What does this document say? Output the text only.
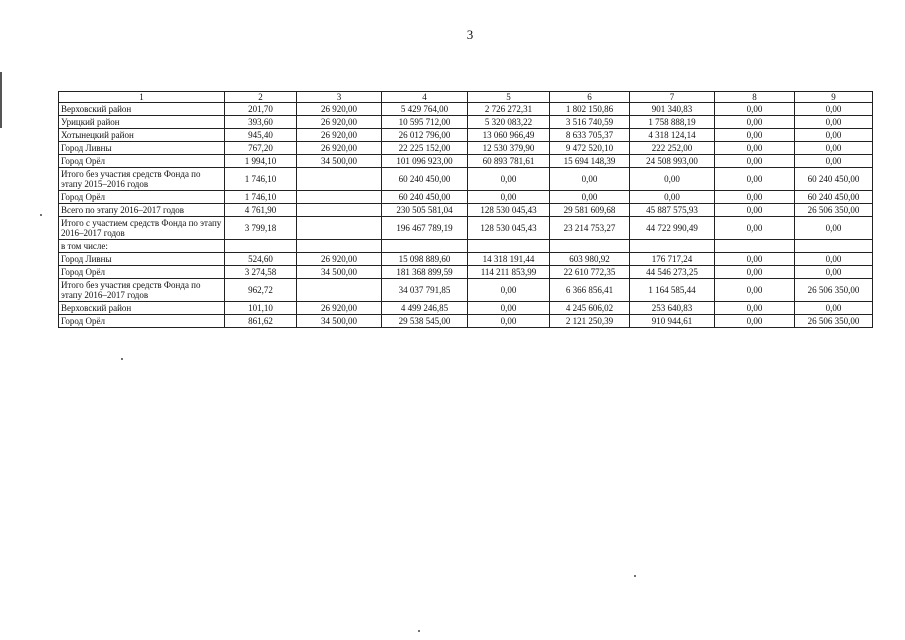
3
1	2	3	4	5	6	7	8	9
Верховский район	201,70	26 920,00	5 429 764,00	2 726 272,31	1 802 150,86	901 340,83	0,00	0,00
Урицкий район	393,60	26 920,00	10 595 712,00	5 320 083,22	3 516 740,59	1 758 888,19	0,00	0,00
Хотынецкий район	945,40	26 920,00	26 012 796,00	13 060 966,49	8 633 705,37	4 318 124,14	0,00	0,00
Город Ливны	767,20	26 920,00	22 225 152,00	12 530 379,90	9 472 520,10	222 252,00	0,00	0,00
Город Орёл	1 994,10	34 500,00	101 096 923,00	60 893 781,61	15 694 148,39	24 508 993,00	0,00	0,00
Итого без участия средств Фонда по этапу 2015–2016 годов	1 746,10		60 240 450,00	0,00	0,00	0,00	0,00	60 240 450,00
Город Орёл	1 746,10		60 240 450,00	0,00	0,00	0,00	0,00	60 240 450,00
Всего по этапу 2016–2017 годов	4 761,90		230 505 581,04	128 530 045,43	29 581 609,68	45 887 575,93	0,00	26 506 350,00
Итого с участием средств Фонда по этапу 2016–2017 годов	3 799,18		196 467 789,19	128 530 045,43	23 214 753,27	44 722 990,49	0,00	0,00
в том числе:								
Город Ливны	524,60	26 920,00	15 098 889,60	14 318 191,44	603 980,92	176 717,24	0,00	0,00
Город Орёл	3 274,58	34 500,00	181 368 899,59	114 211 853,99	22 610 772,35	44 546 273,25	0,00	0,00
Итого без участия средств Фонда по этапу 2016–2017 годов	962,72		34 037 791,85	0,00	6 366 856,41	1 164 585,44	0,00	26 506 350,00
Верховский район	101,10	26 920,00	4 499 246,85	0,00	4 245 606,02	253 640,83	0,00	0,00
Город Орёл	861,62	34 500,00	29 538 545,00	0,00	2 121 250,39	910 944,61	0,00	26 506 350,00
